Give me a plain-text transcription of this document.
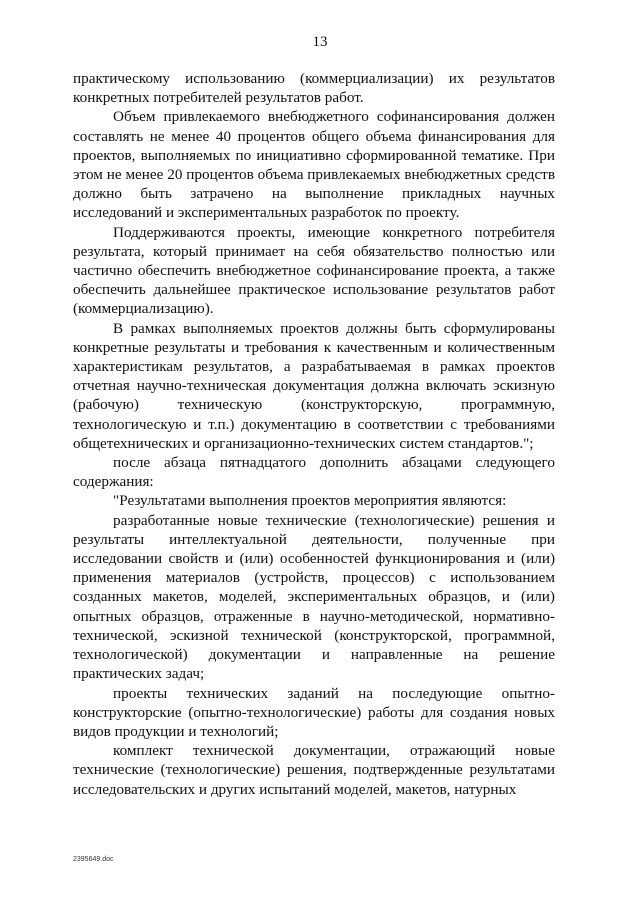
13

практическому использованию (коммерциализации) их результатов конкретных потребителей результатов работ.

Объем привлекаемого внебюджетного софинансирования должен составлять не менее 40 процентов общего объема финансирования для проектов, выполняемых по инициативно сформированной тематике. При этом не менее 20 процентов объема привлекаемых внебюджетных средств должно быть затрачено на выполнение прикладных научных исследований и экспериментальных разработок по проекту.

Поддерживаются проекты, имеющие конкретного потребителя результата, который принимает на себя обязательство полностью или частично обеспечить внебюджетное софинансирование проекта, а также обеспечить дальнейшее практическое использование результатов работ (коммерциализацию).

В рамках выполняемых проектов должны быть сформулированы конкретные результаты и требования к качественным и количественным характеристикам результатов, а разрабатываемая в рамках проектов отчетная научно-техническая документация должна включать эскизную (рабочую) техническую (конструкторскую, программную, технологическую и т.п.) документацию в соответствии с требованиями общетехнических и организационно-технических систем стандартов.";

после абзаца пятнадцатого дополнить абзацами следующего содержания:

"Результатами выполнения проектов мероприятия являются:

разработанные новые технические (технологические) решения и результаты интеллектуальной деятельности, полученные при исследовании свойств и (или) особенностей функционирования и (или) применения материалов (устройств, процессов) с использованием созданных макетов, моделей, экспериментальных образцов, и (или) опытных образцов, отраженные в научно-методической, нормативно-технической, эскизной технической (конструкторской, программной, технологической) документации и направленные на решение практических задач;

проекты технических заданий на последующие опытно-конструкторские (опытно-технологические) работы для создания новых видов продукции и технологий;

комплект технической документации, отражающий новые технические (технологические) решения, подтвержденные результатами исследовательских и других испытаний моделей, макетов, натурных

2395649.doc
